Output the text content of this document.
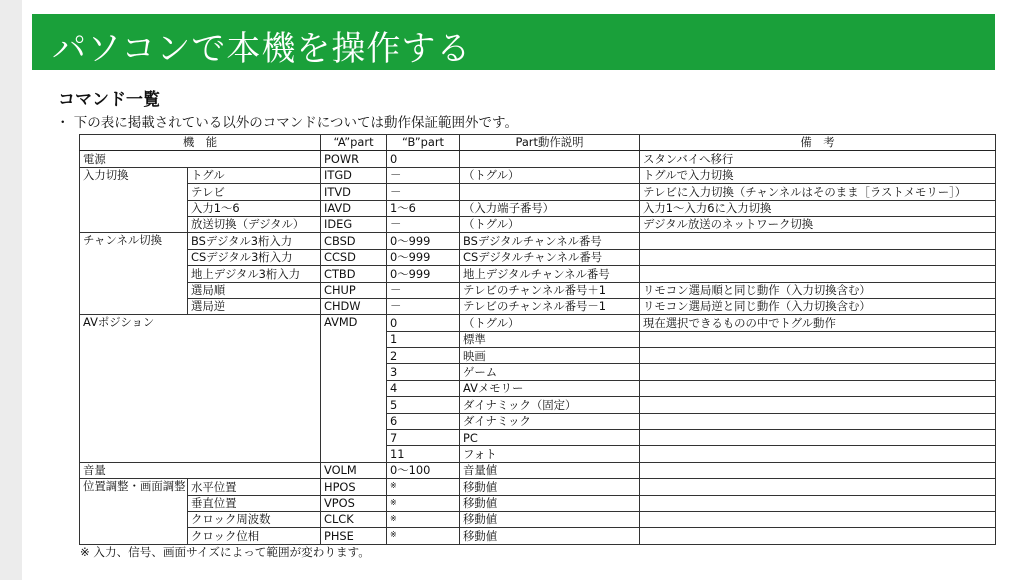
パソコンで本機を操作する
コマンド一覧
・ 下の表に掲載されている以外のコマンドについては動作保証範囲外です。
機　能		“A”part	“B”part	Part動作説明	備　考
電源		POWR	0		スタンバイへ移行
入力切換	トグル	ITGD	－	（トグル）	トグルで入力切換
	テレビ	ITVD	－		テレビに入力切換（チャンネルはそのまま［ラストメモリー］）
	入力1～6	IAVD	1～6	（入力端子番号）	入力1～入力6に入力切換
	放送切換（デジタル）	IDEG	－	（トグル）	デジタル放送のネットワーク切換
チャンネル切換	BSデジタル3桁入力	CBSD	0～999	BSデジタルチャンネル番号	
	CSデジタル3桁入力	CCSD	0～999	CSデジタルチャンネル番号	
	地上デジタル3桁入力	CTBD	0～999	地上デジタルチャンネル番号	
	選局順	CHUP	－	テレビのチャンネル番号＋1	リモコン選局順と同じ動作（入力切換含む）
	選局逆	CHDW	－	テレビのチャンネル番号－1	リモコン選局逆と同じ動作（入力切換含む）
AVポジション		AVMD	0	（トグル）	現在選択できるものの中でトグル動作
			1	標準	
			2	映画	
			3	ゲーム	
			4	AVメモリー	
			5	ダイナミック（固定）	
			6	ダイナミック	
			7	PC	
			11	フォト	
音量		VOLM	0～100	音量値	
位置調整・画面調整	水平位置	HPOS	※	移動値	
	垂直位置	VPOS	※	移動値	
	クロック周波数	CLCK	※	移動値	
	クロック位相	PHSE	※	移動値	
※ 入力、信号、画面サイズによって範囲が変わります。
